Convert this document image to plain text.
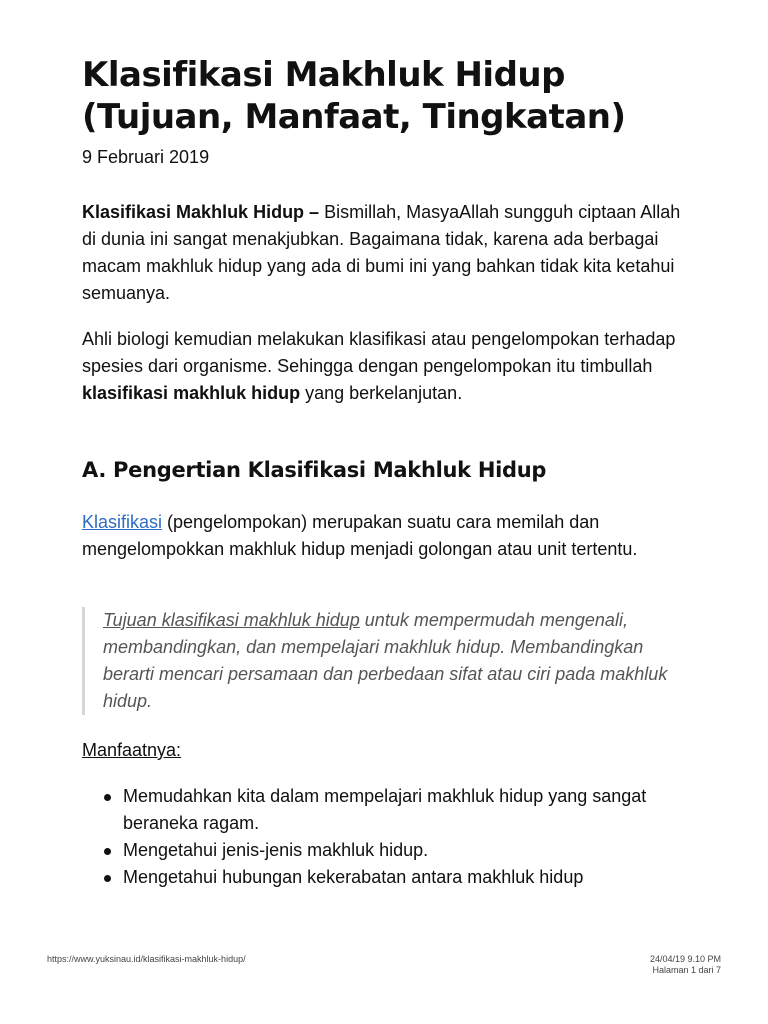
Klasifikasi Makhluk Hidup
(Tujuan, Manfaat, Tingkatan)
9 Februari 2019

Klasifikasi Makhluk Hidup – Bismillah, MasyaAllah sungguh ciptaan Allah di dunia ini sangat menakjubkan. Bagaimana tidak, karena ada berbagai macam makhluk hidup yang ada di bumi ini yang bahkan tidak kita ketahui semuanya.

Ahli biologi kemudian melakukan klasifikasi atau pengelompokan terhadap spesies dari organisme. Sehingga dengan pengelompokan itu timbullah klasifikasi makhluk hidup yang berkelanjutan.

A. Pengertian Klasifikasi Makhluk Hidup

Klasifikasi (pengelompokan) merupakan suatu cara memilah dan mengelompokkan makhluk hidup menjadi golongan atau unit tertentu.

Tujuan klasifikasi makhluk hidup untuk mempermudah mengenali, membandingkan, dan mempelajari makhluk hidup. Membandingkan berarti mencari persamaan dan perbedaan sifat atau ciri pada makhluk hidup.
Manfaatnya:
Memudahkan kita dalam mempelajari makhluk hidup yang sangat beraneka ragam.
Mengetahui jenis-jenis makhluk hidup.
Mengetahui hubungan kekerabatan antara makhluk hidup
https://www.yuksinau.id/klasifikasi-makhluk-hidup/	24/04/19 9.10 PM
Halaman 1 dari 7
